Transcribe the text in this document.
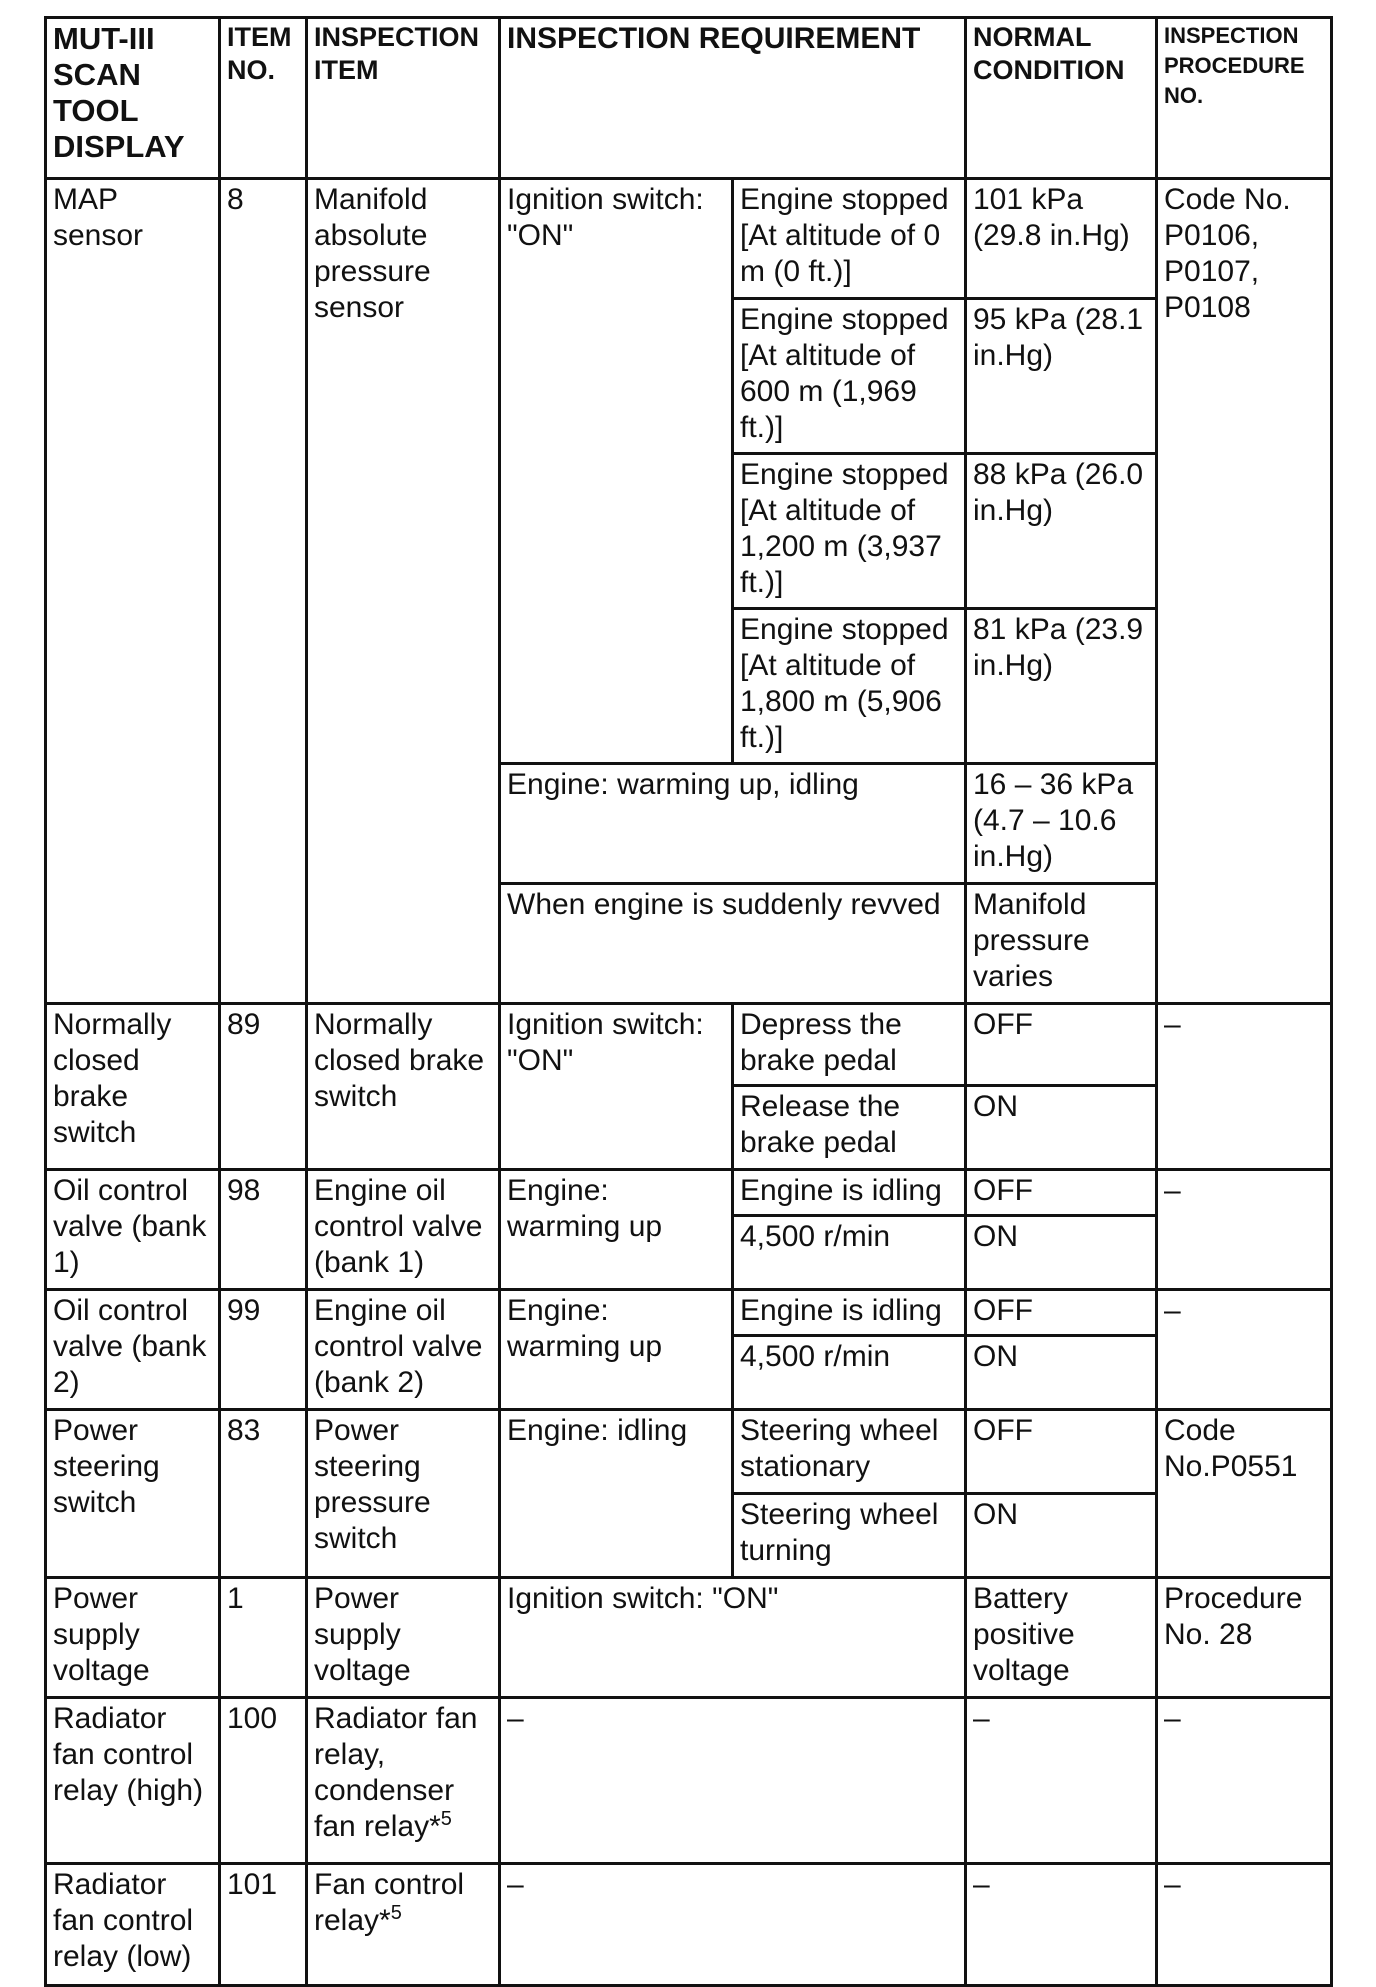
MUT-III SCAN TOOL DISPLAY	ITEM NO.	INSPECTION ITEM	INSPECTION REQUIREMENT		NORMAL CONDITION	INSPECTION PROCEDURE NO.
MAP sensor	8	Manifold absolute pressure sensor	Ignition switch: "ON"	Engine stopped [At altitude of 0 m (0 ft.)]	101 kPa (29.8 in.Hg)	Code No. P0106, P0107, P0108
				Engine stopped [At altitude of 600 m (1,969 ft.)]	95 kPa (28.1 in.Hg)	
				Engine stopped [At altitude of 1,200 m (3,937 ft.)]	88 kPa (26.0 in.Hg)	
				Engine stopped [At altitude of 1,800 m (5,906 ft.)]	81 kPa (23.9 in.Hg)	
			Engine: warming up, idling		16 – 36 kPa (4.7 – 10.6 in.Hg)	
			When engine is suddenly revved		Manifold pressure varies	
Normally closed brake switch	89	Normally closed brake switch	Ignition switch: "ON"	Depress the brake pedal	OFF	–
				Release the brake pedal	ON	
Oil control valve (bank 1)	98	Engine oil control valve (bank 1)	Engine: warming up	Engine is idling	OFF	–
				4,500 r/min	ON	
Oil control valve (bank 2)	99	Engine oil control valve (bank 2)	Engine: warming up	Engine is idling	OFF	–
				4,500 r/min	ON	
Power steering switch	83	Power steering pressure switch	Engine: idling	Steering wheel stationary	OFF	Code No.P0551
				Steering wheel turning	ON	
Power supply voltage	1	Power supply voltage	Ignition switch: "ON"		Battery positive voltage	Procedure No. 28
Radiator fan control relay (high)	100	Radiator fan relay, condenser fan relay*$^5$	–		–	–
Radiator fan control relay (low)	101	Fan control relay*$^5$	–		–	–
